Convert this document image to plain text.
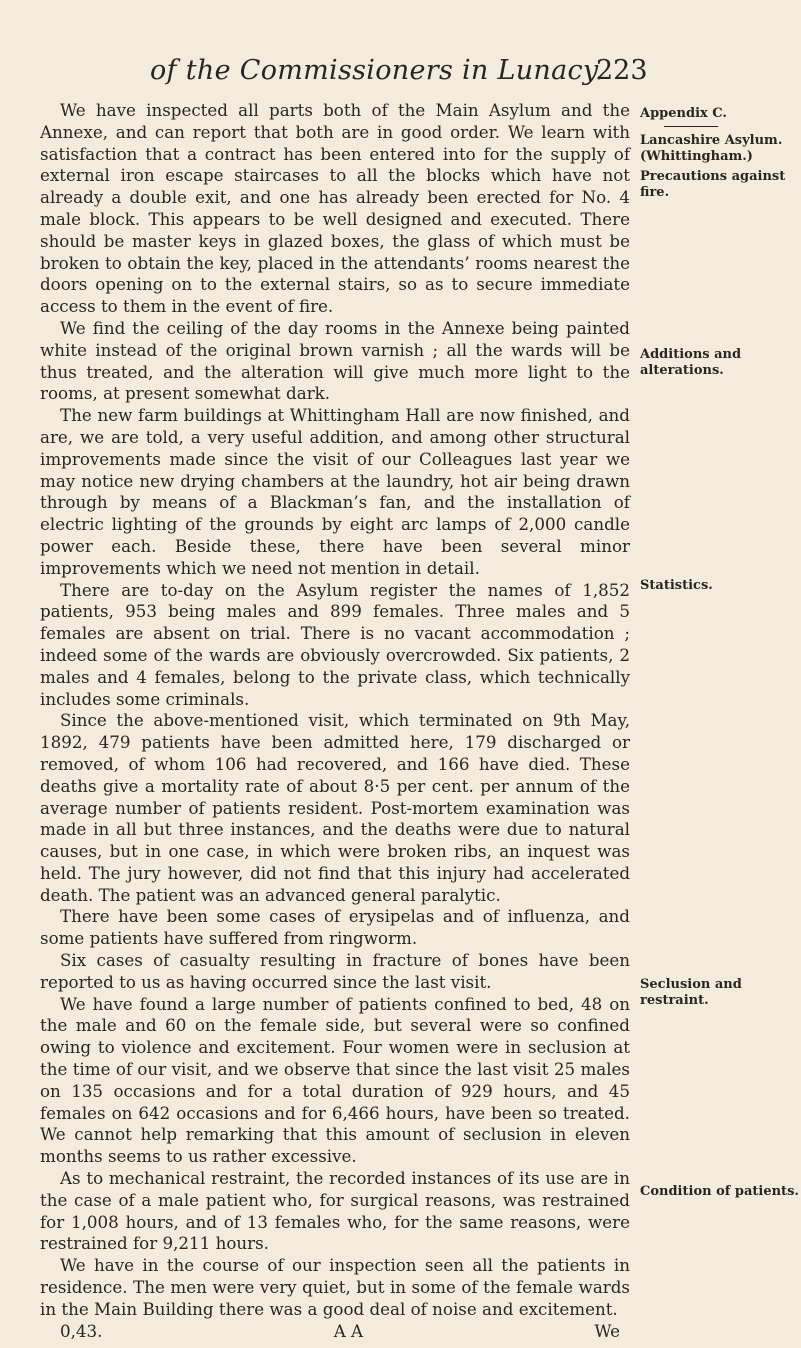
of the Commissioners in Lunacy.
223

We have inspected all parts both of the Main Asylum and the Annexe, and can report that both are in good order. We learn with satisfaction that a contract has been entered into for the supply of external iron escape staircases to all the blocks which have not already a double exit, and one has already been erected for No. 4 male block. This appears to be well designed and executed. There should be master keys in glazed boxes, the glass of which must be broken to obtain the key, placed in the attendants’ rooms nearest the doors opening on to the external stairs, so as to secure immediate access to them in the event of fire.

We find the ceiling of the day rooms in the Annexe being painted white instead of the original brown varnish ; all the wards will be thus treated, and the alteration will give much more light to the rooms, at present somewhat dark.

The new farm buildings at Whittingham Hall are now finished, and are, we are told, a very useful addition, and among other structural improvements made since the visit of our Colleagues last year we may notice new drying chambers at the laundry, hot air being drawn through by means of a Blackman’s fan, and the installation of electric lighting of the grounds by eight arc lamps of 2,000 candle power each. Beside these, there have been several minor improvements which we need not mention in detail.

There are to-day on the Asylum register the names of 1,852 patients, 953 being males and 899 females. Three males and 5 females are absent on trial. There is no vacant accommodation ; indeed some of the wards are obviously overcrowded. Six patients, 2 males and 4 females, belong to the private class, which technically includes some criminals.

Since the above-mentioned visit, which terminated on 9th May, 1892, 479 patients have been admitted here, 179 discharged or removed, of whom 106 had recovered, and 166 have died. These deaths give a mortality rate of about 8·5 per cent. per annum of the average number of patients resident. Post-mortem examination was made in all but three instances, and the deaths were due to natural causes, but in one case, in which were broken ribs, an inquest was held. The jury however, did not find that this injury had accelerated death. The patient was an advanced general paralytic.

There have been some cases of erysipelas and of influenza, and some patients have suffered from ringworm.

Six cases of casualty resulting in fracture of bones have been reported to us as having occurred since the last visit.

We have found a large number of patients confined to bed, 48 on the male and 60 on the female side, but several were so confined owing to violence and excitement. Four women were in seclusion at the time of our visit, and we observe that since the last visit 25 males on 135 occasions and for a total duration of 929 hours, and 45 females on 642 occasions and for 6,466 hours, have been so treated. We cannot help remarking that this amount of seclusion in eleven months seems to us rather excessive.

As to mechanical restraint, the recorded instances of its use are in the case of a male patient who, for surgical reasons, was restrained for 1,008 hours, and of 13 females who, for the same reasons, were restrained for 9,211 hours.

We have in the course of our inspection seen all the patients in residence. The men were very quiet, but in some of the female wards in the Main Building there was a good deal of noise and excitement.

0,43.	A A	We
Appendix C.
Lancashire Asylum.
(Whittingham.)
Precautions against fire.
Additions and alterations.
Statistics.
Seclusion and restraint.
Condition of patients.
